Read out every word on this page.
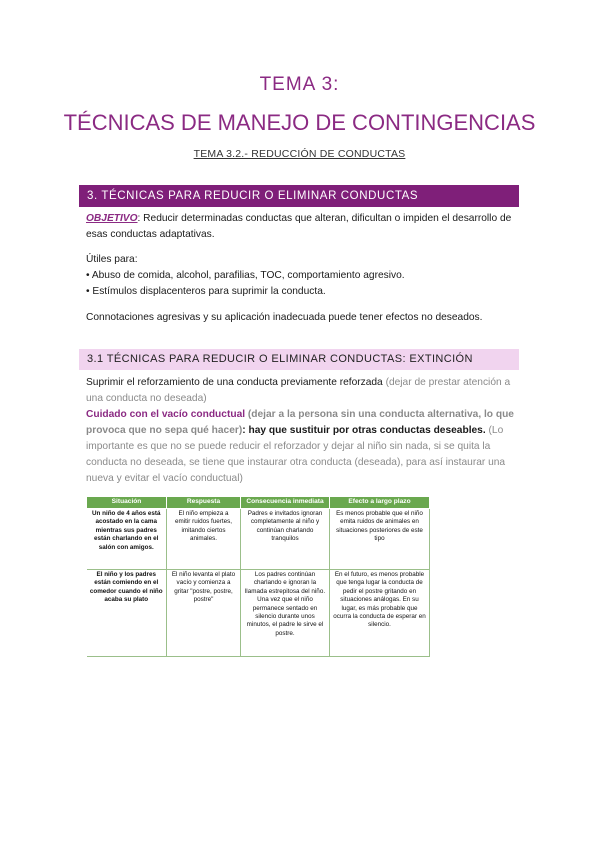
TEMA 3:
TÉCNICAS DE MANEJO DE CONTINGENCIAS
TEMA 3.2.- REDUCCIÓN DE CONDUCTAS
3. TÉCNICAS PARA REDUCIR O ELIMINAR CONDUCTAS
OBJETIVO: Reducir determinadas conductas que alteran, dificultan o impiden el desarrollo de esas conductas adaptativas.
Útiles para:
• Abuso de comida, alcohol, parafilias, TOC, comportamiento agresivo.
• Estímulos displacenteros para suprimir la conducta.
Connotaciones agresivas y su aplicación inadecuada puede tener efectos no deseados.
3.1 TÉCNICAS PARA REDUCIR O ELIMINAR CONDUCTAS: EXTINCIÓN
Suprimir el reforzamiento de una conducta previamente reforzada (dejar de prestar atención a una conducta no deseada)
Cuidado con el vacío conductual (dejar a la persona sin una conducta alternativa, lo que provoca que no sepa qué hacer): hay que sustituir por otras conductas deseables. (Lo importante es que no se puede reducir el reforzador y dejar al niño sin nada, si se quita la conducta no deseada, se tiene que instaurar otra conducta (deseada), para así instaurar una nueva y evitar el vacío conductual)
Situación	Respuesta	Consecuencia inmediata	Efecto a largo plazo
Un niño de 4 años está acostado en la cama mientras sus padres están charlando en el salón con amigos.	El niño empieza a emitir ruidos fuertes, imitando ciertos animales.	Padres e invitados ignoran completamente al niño y continúan charlando tranquilos	Es menos probable que el niño emita ruidos de animales en situaciones posteriores de este tipo
El niño y los padres están comiendo en el comedor cuando el niño acaba su plato	El niño levanta el plato vacío y comienza a gritar "postre, postre, postre"	Los padres continúan charlando e ignoran la llamada estrepitosa del niño. Una vez que el niño permanece sentado en silencio durante unos minutos, el padre le sirve el postre.	En el futuro, es menos probable que tenga lugar la conducta de pedir el postre gritando en situaciones análogas. En su lugar, es más probable que ocurra la conducta de esperar en silencio.
